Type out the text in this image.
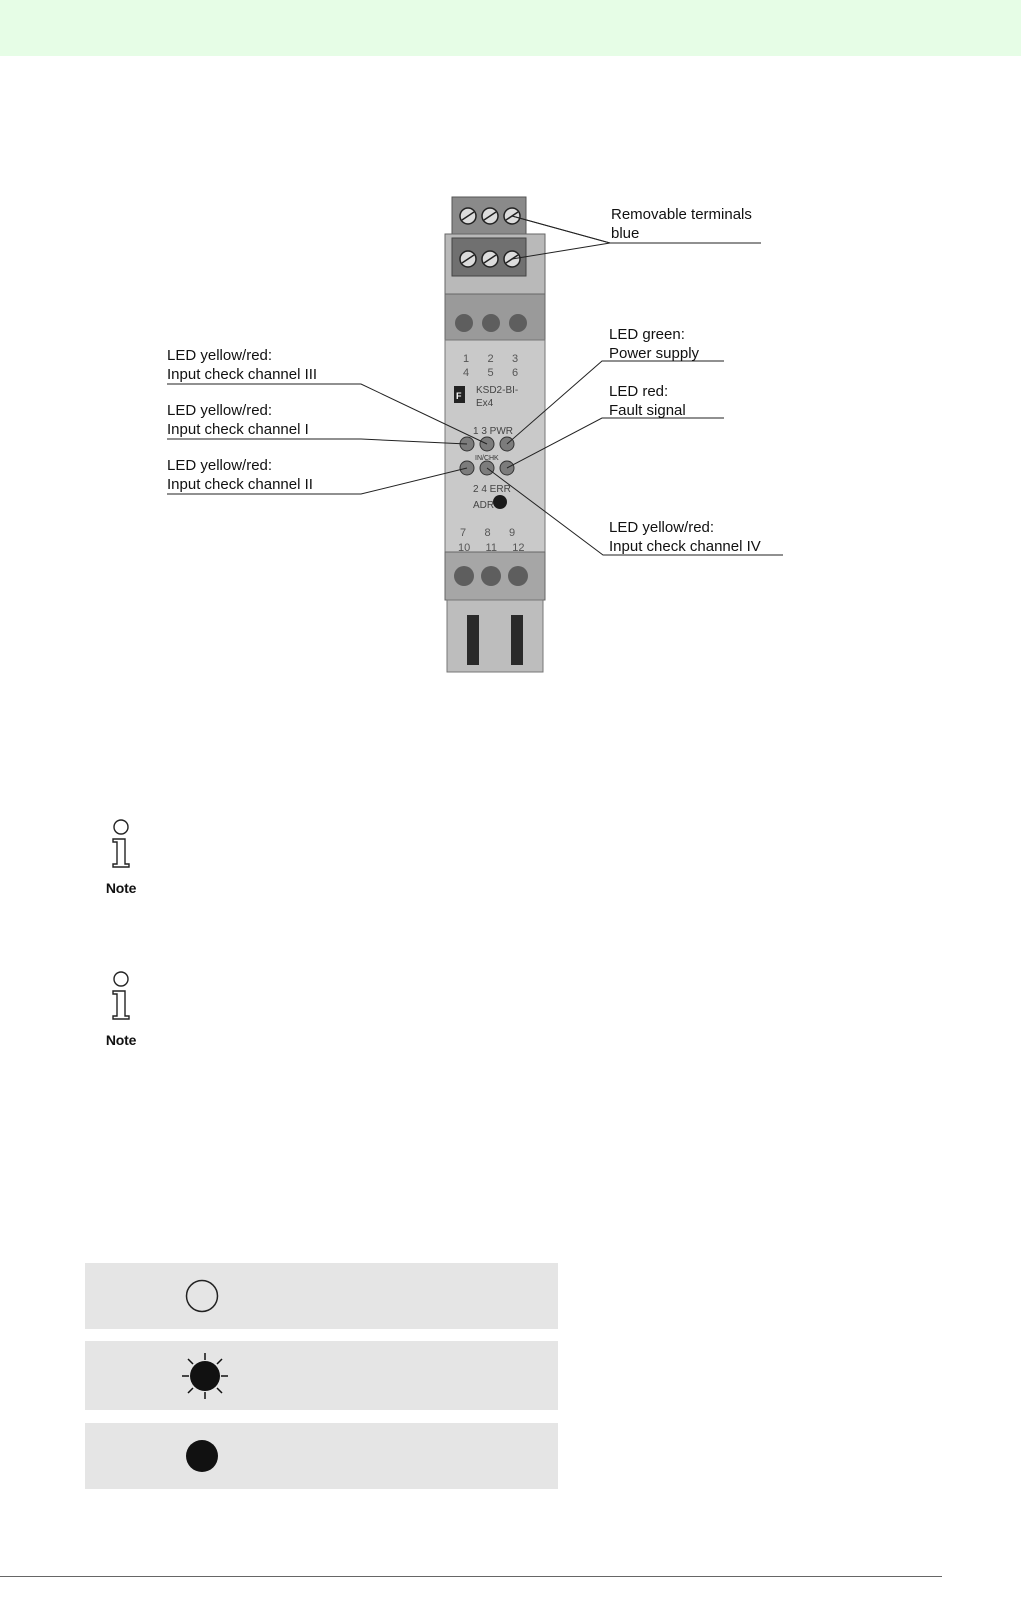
F
1 2 3
4 5 6
KSD2-BI-
Ex4
1 3 PWR
IN/CHK
2 4 ERR
ADR
7 8 9
10 11 12
Removable terminals
blue
LED green:
Power supply
LED red:
Fault signal
LED yellow/red:
Input check channel III
LED yellow/red:
Input check channel I
LED yellow/red:
Input check channel II
LED yellow/red:
Input check channel IV
Note
Note
